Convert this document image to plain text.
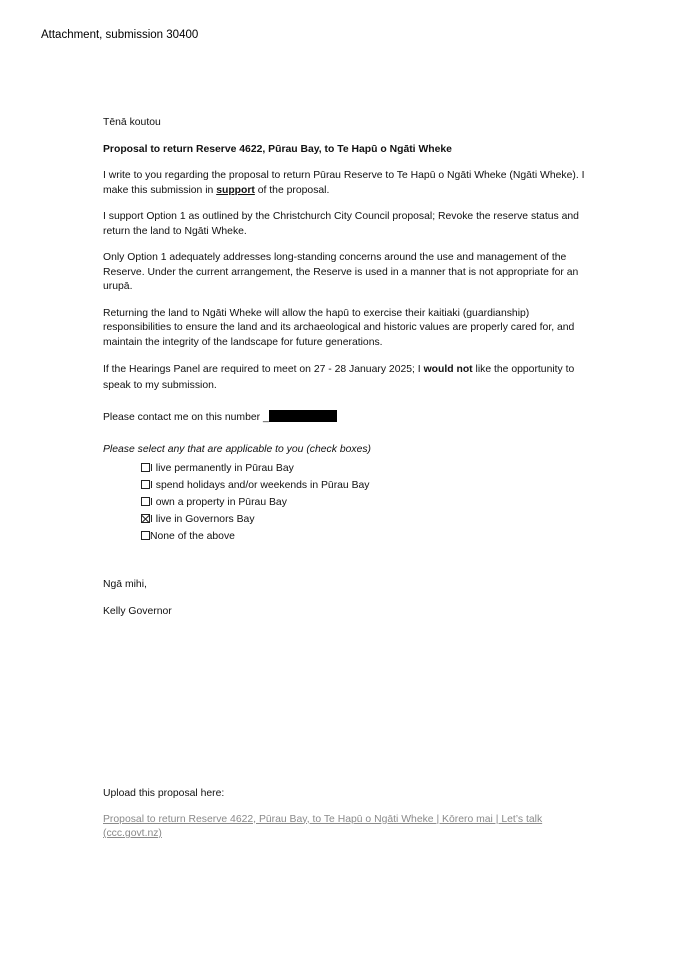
Attachment, submission 30400

Tēnā koutou

Proposal to return Reserve 4622, Pūrau Bay, to Te Hapū o Ngāti Wheke

I write to you regarding the proposal to return Pūrau Reserve to Te Hapū o Ngāti Wheke (Ngāti Wheke). I make this submission in support of the proposal.

I support Option 1 as outlined by the Christchurch City Council proposal; Revoke the reserve status and return the land to Ngāti Wheke.

Only Option 1 adequately addresses long-standing concerns around the use and management of the Reserve. Under the current arrangement, the Reserve is used in a manner that is not appropriate for an urupā.

Returning the land to Ngāti Wheke will allow the hapū to exercise their kaitiaki (guardianship) responsibilities to ensure the land and its archaeological and historic values are properly cared for, and maintain the integrity of the landscape for future generations.

If the Hearings Panel are required to meet on 27 - 28 January 2025; I would not like the opportunity to speak to my submission.

Please contact me on this number _

Please select any that are applicable to you (check boxes)

I live permanently in Pūrau Bay
I spend holidays and/or weekends in Pūrau Bay
I own a property in Pūrau Bay
I live in Governors Bay
None of the above

Ngā mihi,

Kelly Governor

Upload this proposal here:

Proposal to return Reserve 4622, Pūrau Bay, to Te Hapū o Ngāti Wheke | Kōrero mai | Let’s talk (ccc.govt.nz)
